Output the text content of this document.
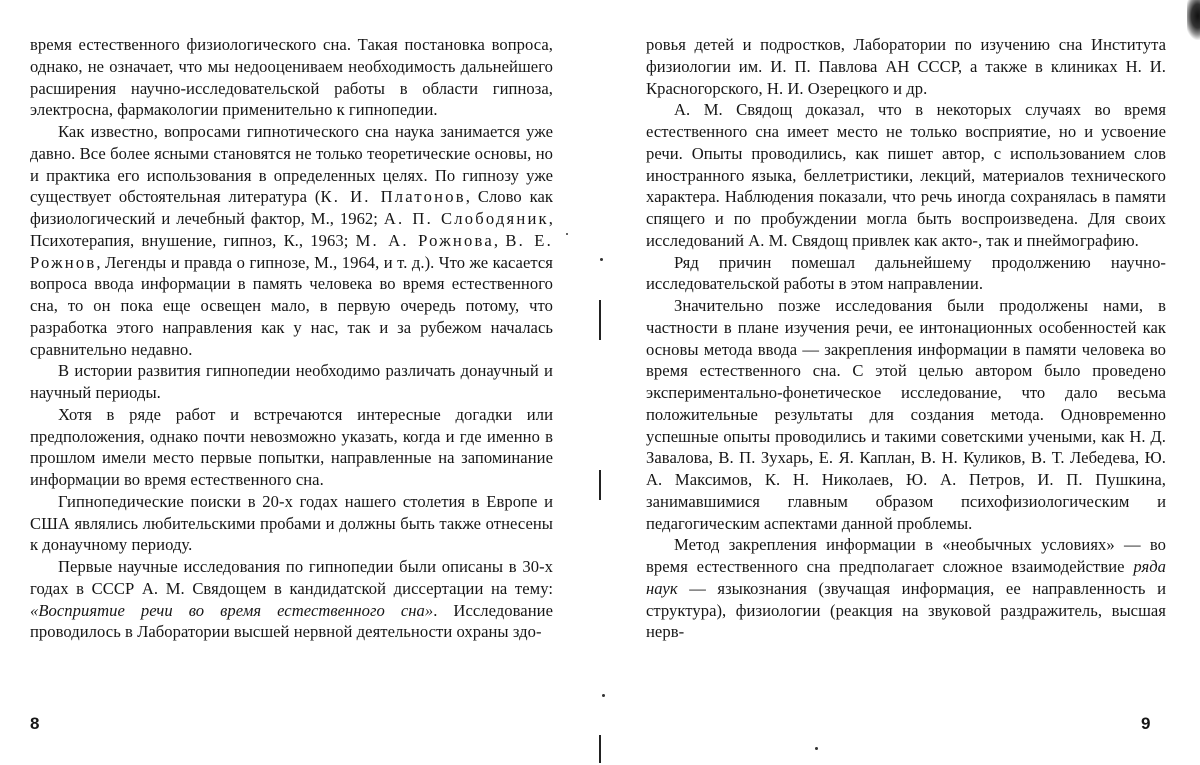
время естественного физиологического сна. Такая постановка вопроса, однако, не означает, что мы недооцениваем необходимость дальнейшего расширения научно-исследовательской работы в области гипноза, электросна, фармакологии применительно к гипнопедии.

Как известно, вопросами гипнотического сна наука занимается уже давно. Все более ясными становятся не только теоретические основы, но и практика его использования в определенных целях. По гипнозу уже существует обстоятельная литература (К. И. Платонов, Слово как физиологический и лечебный фактор, М., 1962; А. П. Слободяник, Психотерапия, внушение, гипноз, К., 1963; М. А. Рожнова, В. Е. Рожнов, Легенды и правда о гипнозе, М., 1964, и т. д.). Что же касается вопроса ввода информации в память человека во время естественного сна, то он пока еще освещен мало, в первую очередь потому, что разработка этого направления как у нас, так и за рубежом началась сравнительно недавно.

В истории развития гипнопедии необходимо различать донаучный и научный периоды.

Хотя в ряде работ и встречаются интересные догадки или предположения, однако почти невозможно указать, когда и где именно в прошлом имели место первые попытки, направленные на запоминание информации во время естественного сна.

Гипнопедические поиски в 20-х годах нашего столетия в Европе и США являлись любительскими пробами и должны быть также отнесены к донаучному периоду.

Первые научные исследования по гипнопедии были описаны в 30-х годах в СССР А. М. Свядощем в кандидатской диссертации на тему: «Восприятие речи во время естественного сна». Исследование проводилось в Лаборатории высшей нервной деятельности охраны здо-

8

ровья детей и подростков, Лаборатории по изучению сна Института физиологии им. И. П. Павлова АН СССР, а также в клиниках Н. И. Красногорского, Н. И. Озерецкого и др.

А. М. Свядощ доказал, что в некоторых случаях во время естественного сна имеет место не только восприятие, но и усвоение речи. Опыты проводились, как пишет автор, с использованием слов иностранного языка, беллетристики, лекций, материалов технического характера. Наблюдения показали, что речь иногда сохранялась в памяти спящего и по пробуждении могла быть воспроизведена. Для своих исследований А. М. Свядощ привлек как акто-, так и пнеймографию.

Ряд причин помешал дальнейшему продолжению научно-исследовательской работы в этом направлении.

Значительно позже исследования были продолжены нами, в частности в плане изучения речи, ее интонационных особенностей как основы метода ввода — закрепления информации в памяти человека во время естественного сна. С этой целью автором было проведено экспериментально-фонетическое исследование, что дало весьма положительные результаты для создания метода. Одновременно успешные опыты проводились и такими советскими учеными, как Н. Д. Завалова, В. П. Зухарь, Е. Я. Каплан, В. Н. Куликов, В. Т. Лебедева, Ю. А. Максимов, К. Н. Николаев, Ю. А. Петров, И. П. Пушкина, занимавшимися главным образом психофизиологическим и педагогическим аспектами данной проблемы.

Метод закрепления информации в «необычных условиях» — во время естественного сна предполагает сложное взаимодействие ряда наук — языкознания (звучащая информация, ее направленность и структура), физиологии (реакция на звуковой раздражитель, высшая нерв-

9
